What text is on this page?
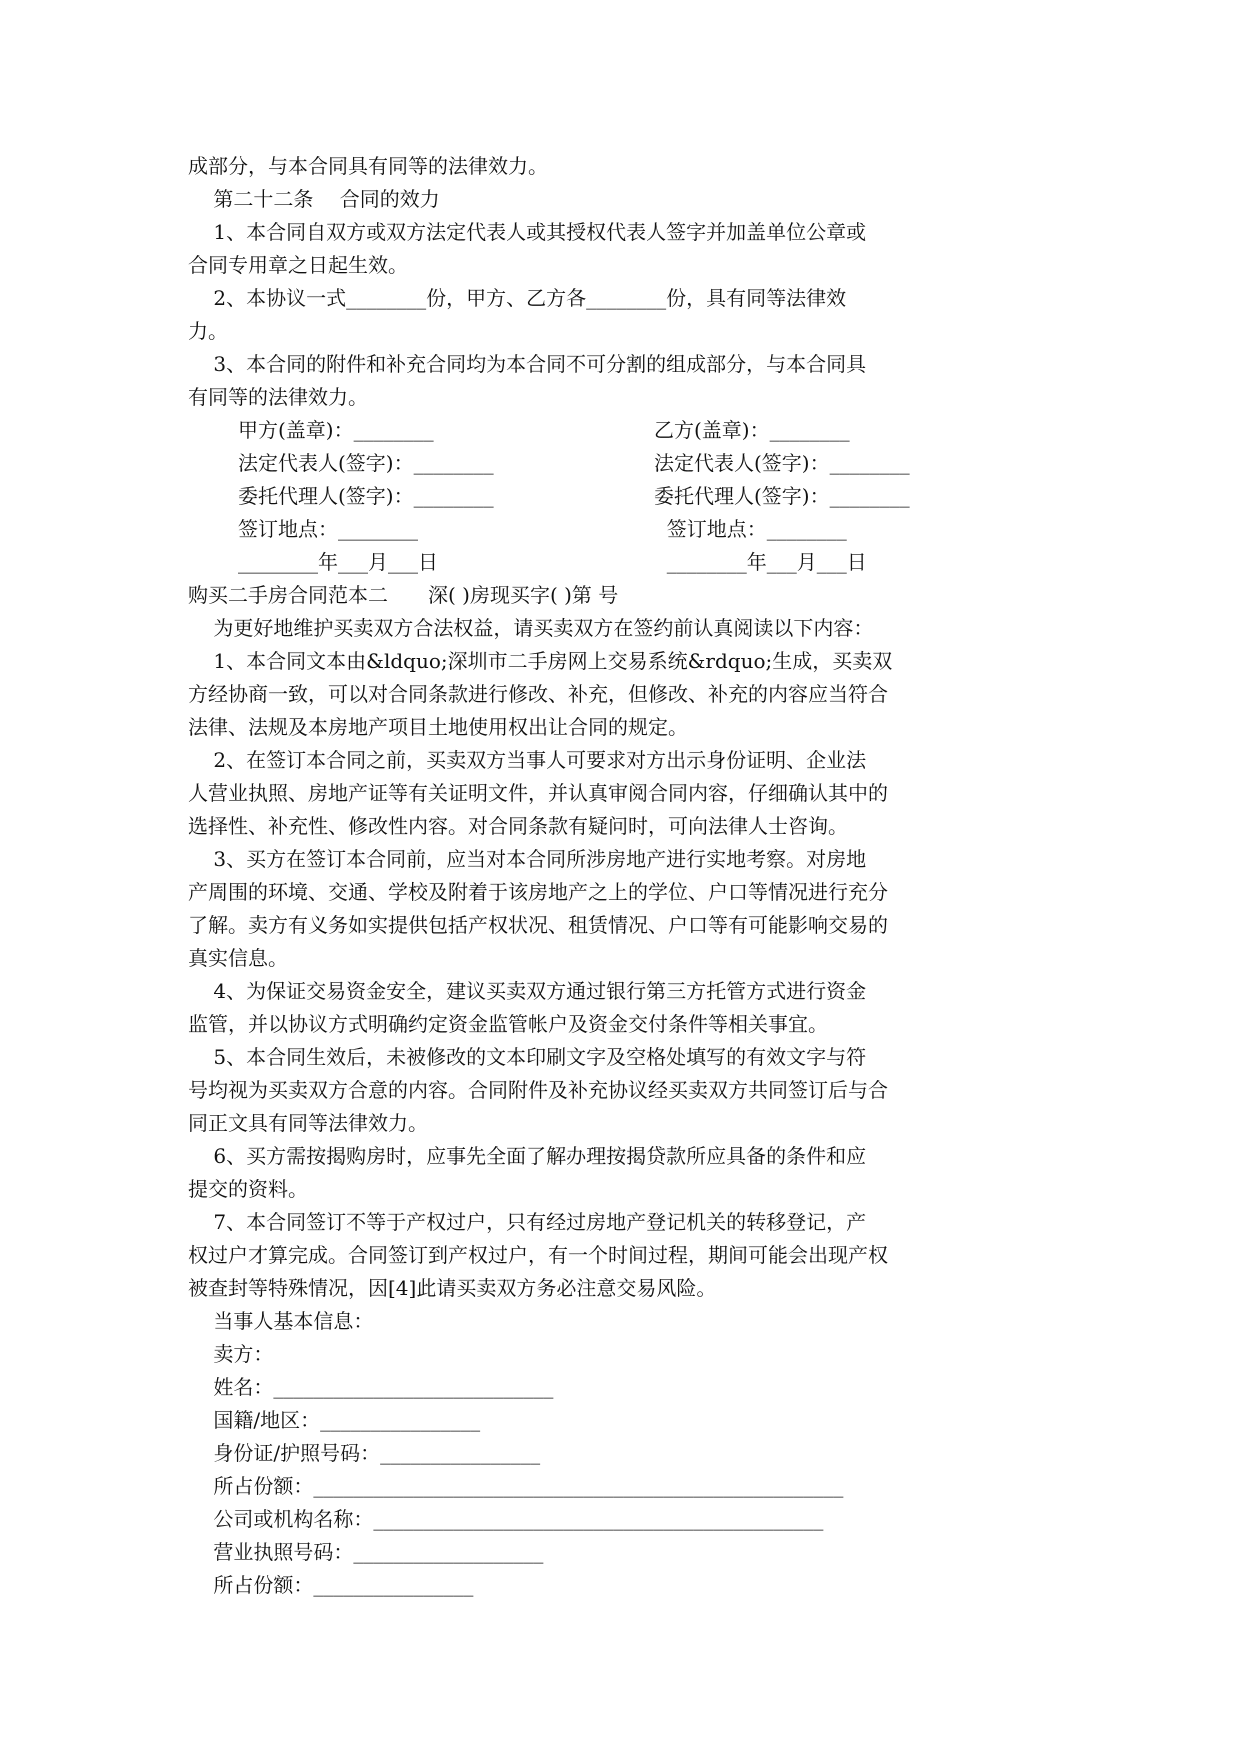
成部分，与本合同具有同等的法律效力。

第二十二条　 合同的效力

1、本合同自双方或双方法定代表人或其授权代表人签字并加盖单位公章或

合同专用章之日起生效。

2、本协议一式________份，甲方、乙方各________份，具有同等法律效

力。

3、本合同的附件和补充合同均为本合同不可分割的组成部分，与本合同具

有同等的法律效力。

甲方(盖章)：________	乙方(盖章)：________
法定代表人(签字)：________	法定代表人(签字)：________
委托代理人(签字)：________	委托代理人(签字)：________
签订地点：________	签订地点：________
________年___月___日	________年___月___日

购买二手房合同范本二　　深( )房现买字( )第 号

为更好地维护买卖双方合法权益，请买卖双方在签约前认真阅读以下内容：

1、本合同文本由&ldquo;深圳市二手房网上交易系统&rdquo;生成，买卖双

方经协商一致，可以对合同条款进行修改、补充，但修改、补充的内容应当符合

法律、法规及本房地产项目土地使用权出让合同的规定。

2、在签订本合同之前，买卖双方当事人可要求对方出示身份证明、企业法

人营业执照、房地产证等有关证明文件，并认真审阅合同内容，仔细确认其中的

选择性、补充性、修改性内容。对合同条款有疑问时，可向法律人士咨询。

3、买方在签订本合同前，应当对本合同所涉房地产进行实地考察。对房地

产周围的环境、交通、学校及附着于该房地产之上的学位、户口等情况进行充分

了解。卖方有义务如实提供包括产权状况、租赁情况、户口等有可能影响交易的

真实信息。

4、为保证交易资金安全，建议买卖双方通过银行第三方托管方式进行资金

监管，并以协议方式明确约定资金监管帐户及资金交付条件等相关事宜。

5、本合同生效后，未被修改的文本印刷文字及空格处填写的有效文字与符

号均视为买卖双方合意的内容。合同附件及补充协议经买卖双方共同签订后与合

同正文具有同等法律效力。

6、买方需按揭购房时，应事先全面了解办理按揭贷款所应具备的条件和应

提交的资料。

7、本合同签订不等于产权过户，只有经过房地产登记机关的转移登记，产

权过户才算完成。合同签订到产权过户，有一个时间过程，期间可能会出现产权

被查封等特殊情况，因[4]此请买卖双方务必注意交易风险。

当事人基本信息：

卖方：

姓名：____________________________

国籍/地区：________________

身份证/护照号码：________________

所占份额：_____________________________________________________

公司或机构名称：_____________________________________________

营业执照号码：___________________

所占份额：________________
